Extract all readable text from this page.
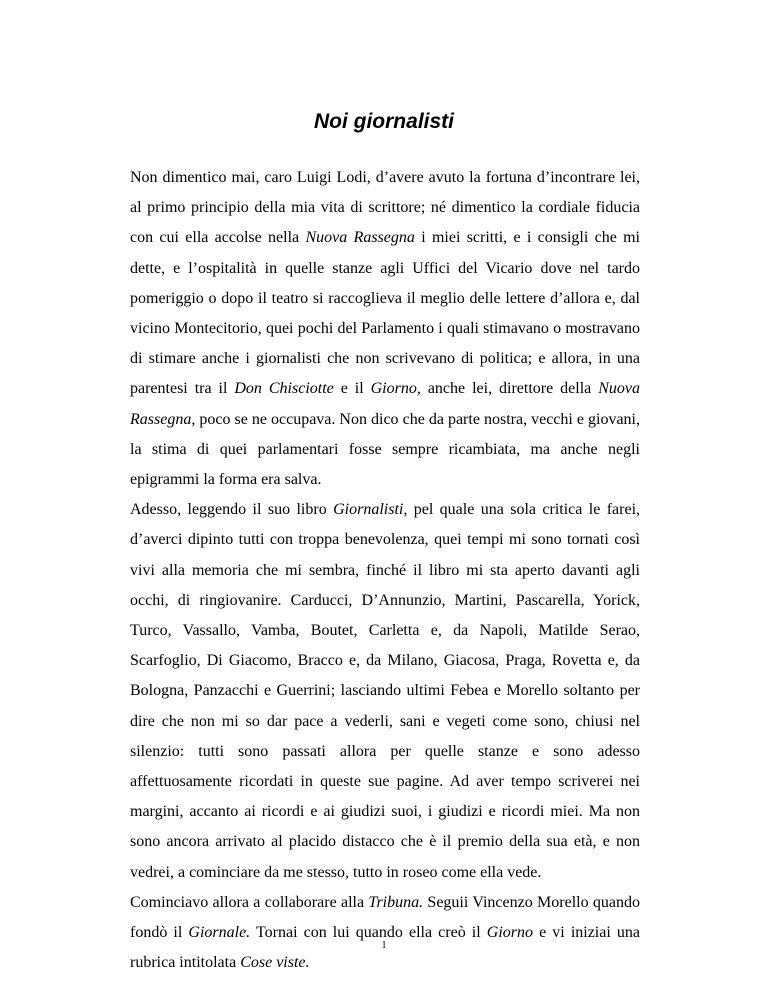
Noi giornalisti

Non dimentico mai, caro Luigi Lodi, d’avere avuto la fortuna d’incontrare lei, al primo principio della mia vita di scrittore; né dimentico la cordiale fiducia con cui ella accolse nella Nuova Rassegna i miei scritti, e i consigli che mi dette, e l’ospitalità in quelle stanze agli Uffici del Vicario dove nel tardo pomeriggio o dopo il teatro si raccoglieva il meglio delle lettere d’allora e, dal vicino Montecitorio, quei pochi del Parlamento i quali stimavano o mostravano di stimare anche i giornalisti che non scrivevano di politica; e allora, in una parentesi tra il Don Chisciotte e il Giorno, anche lei, direttore della Nuova Rassegna, poco se ne occupava. Non dico che da parte nostra, vecchi e giovani, la stima di quei parlamentari fosse sempre ricambiata, ma anche negli epigrammi la forma era salva.

Adesso, leggendo il suo libro Giornalisti, pel quale una sola critica le farei, d’averci dipinto tutti con troppa benevolenza, quei tempi mi sono tornati così vivi alla memoria che mi sembra, finché il libro mi sta aperto davanti agli occhi, di ringiovanire. Carducci, D’Annunzio, Martini, Pascarella, Yorick, Turco, Vassallo, Vamba, Boutet, Carletta e, da Napoli, Matilde Serao, Scarfoglio, Di Giacomo, Bracco e, da Milano, Giacosa, Praga, Rovetta e, da Bologna, Panzacchi e Guerrini; lasciando ultimi Febea e Morello soltanto per dire che non mi so dar pace a vederli, sani e vegeti come sono, chiusi nel silenzio: tutti sono passati allora per quelle stanze e sono adesso affettuosamente ricordati in queste sue pagine. Ad aver tempo scriverei nei margini, accanto ai ricordi e ai giudizi suoi, i giudizi e ricordi miei. Ma non sono ancora arrivato al placido distacco che è il premio della sua età, e non vedrei, a cominciare da me stesso, tutto in roseo come ella vede.

Cominciavo allora a collaborare alla Tribuna. Seguii Vincenzo Morello quando fondò il Giornale. Tornai con lui quando ella creò il Giorno e vi iniziai una rubrica intitolata Cose viste.

1
